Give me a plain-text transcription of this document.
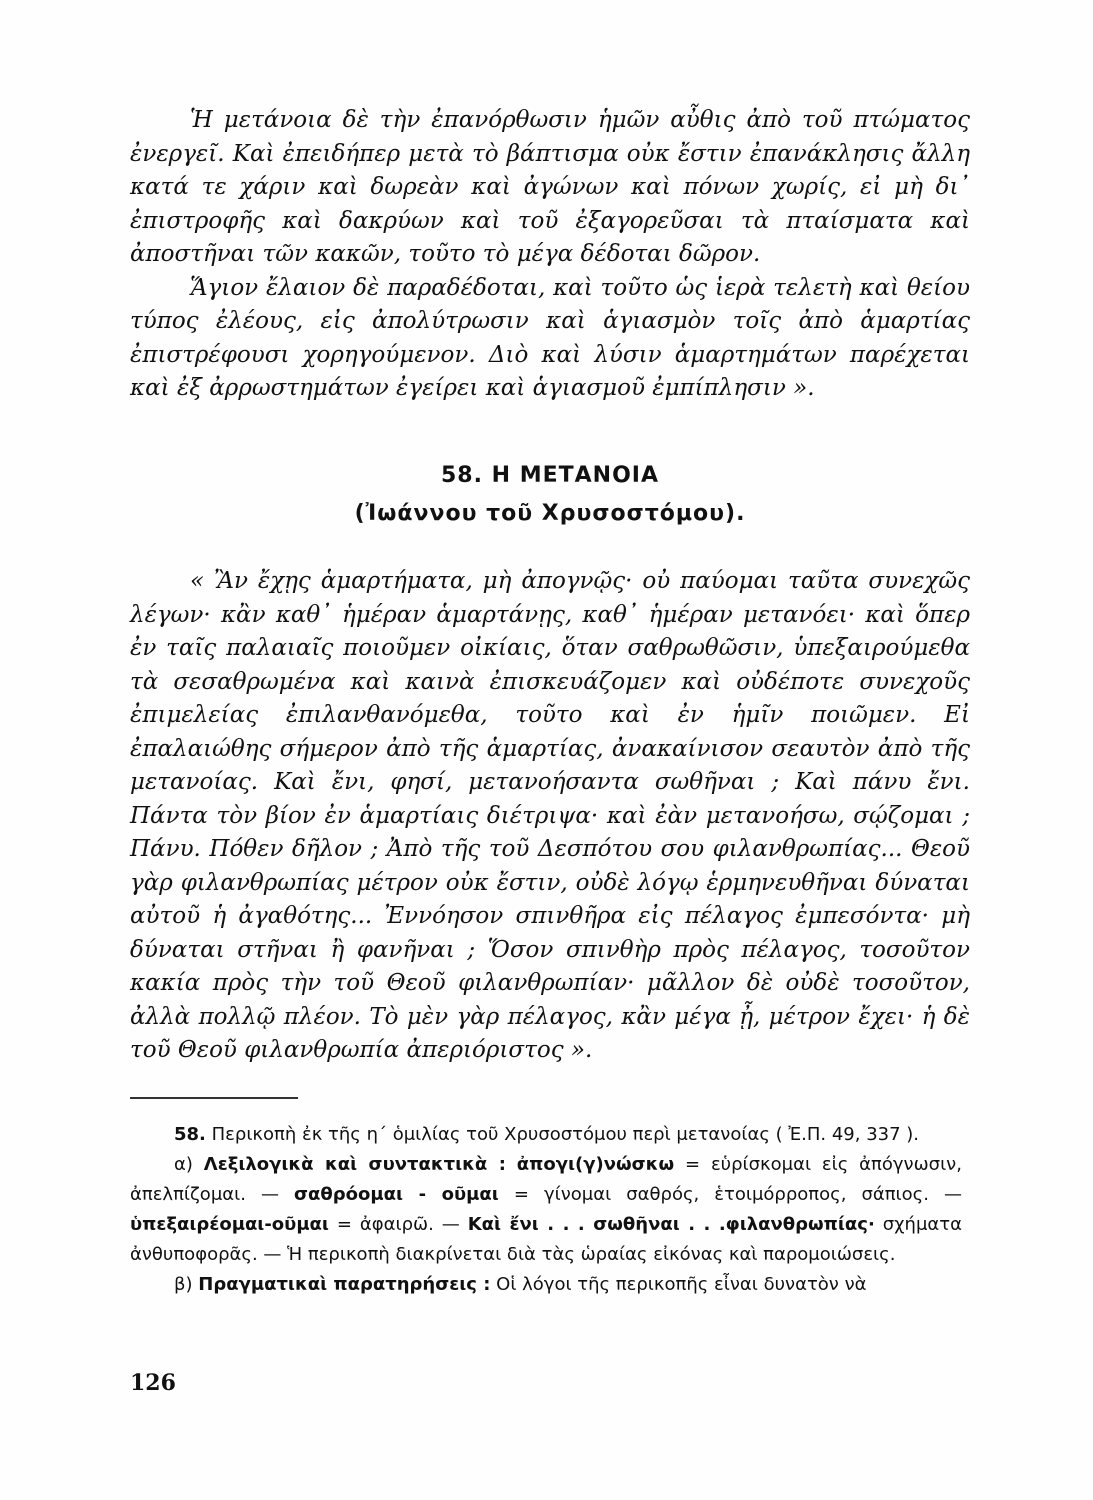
Ἡ μετάνοια δὲ τὴν ἐπανόρθωσιν ἡμῶν αὖθις ἀπὸ τοῦ πτώματος ἐνεργεῖ. Καὶ ἐπειδήπερ μετὰ τὸ βάπτισμα οὐκ ἔστιν ἐπανάκλησις ἄλλη κατά τε χάριν καὶ δωρεὰν καὶ ἀγώνων καὶ πόνων χωρίς, εἰ μὴ δι᾽ ἐπιστροφῆς καὶ δακρύων καὶ τοῦ ἐξαγορεῦσαι τὰ πταίσματα καὶ ἀποστῆναι τῶν κακῶν, τοῦτο τὸ μέγα δέδοται δῶρον.

Ἅγιον ἔλαιον δὲ παραδέδοται, καὶ τοῦτο ὡς ἱερὰ τελετὴ καὶ θείου τύπος ἐλέους, εἰς ἀπολύτρωσιν καὶ ἁγιασμὸν τοῖς ἀπὸ ἁμαρτίας ἐπιστρέφουσι χορηγούμενον. Διὸ καὶ λύσιν ἁμαρτημάτων παρέχεται καὶ ἐξ ἀρρωστημάτων ἐγείρει καὶ ἁγιασμοῦ ἐμπίπλησιν ».

58. Η ΜΕΤΑΝΟΙΑ
(Ἰωάννου τοῦ Χρυσοστόμου).

« Ἂν ἔχῃς ἁμαρτήματα, μὴ ἀπογνῷς· οὐ παύομαι ταῦτα συνεχῶς λέγων· κἂν καθ᾽ ἡμέραν ἁμαρτάνῃς, καθ᾽ ἡμέραν μετανόει· καὶ ὅπερ ἐν ταῖς παλαιαῖς ποιοῦμεν οἰκίαις, ὅταν σαθρωθῶσιν, ὑπεξαιρούμεθα τὰ σεσαθρωμένα καὶ καινὰ ἐπισκευάζομεν καὶ οὐδέποτε συνεχοῦς ἐπιμελείας ἐπιλανθανόμεθα, τοῦτο καὶ ἐν ἡμῖν ποιῶμεν. Εἰ ἐπαλαιώθης σήμερον ἀπὸ τῆς ἁμαρτίας, ἀνακαίνισον σεαυτὸν ἀπὸ τῆς μετανοίας. Καὶ ἔνι, φησί, μετανοήσαντα σωθῆναι ; Καὶ πάνυ ἔνι. Πάντα τὸν βίον ἐν ἁμαρτίαις διέτριψα· καὶ ἐὰν μετανοήσω, σῴζομαι ; Πάνυ. Πόθεν δῆλον ; Ἀπὸ τῆς τοῦ Δεσπότου σου φιλανθρωπίας... Θεοῦ γὰρ φιλανθρωπίας μέτρον οὐκ ἔστιν, οὐδὲ λόγῳ ἑρμηνευθῆναι δύναται αὐτοῦ ἡ ἀγαθότης... Ἐννόησον σπινθῆρα εἰς πέλαγος ἐμπεσόντα· μὴ δύναται στῆναι ἢ φανῆναι ; Ὅσον σπινθὴρ πρὸς πέλαγος, τοσοῦτον κακία πρὸς τὴν τοῦ Θεοῦ φιλανθρωπίαν· μᾶλλον δὲ οὐδὲ τοσοῦτον, ἀλλὰ πολλῷ πλέον. Τὸ μὲν γὰρ πέλαγος, κἂν μέγα ᾖ, μέτρον ἔχει· ἡ δὲ τοῦ Θεοῦ φιλανθρωπία ἀπεριόριστος ».

58. Περικοπὴ ἐκ τῆς η΄ ὁμιλίας τοῦ Χρυσοστόμου περὶ μετανοίας ( Ἐ.Π. 49, 337 ).

α) Λεξιλογικὰ καὶ συντακτικὰ : ἀπογι(γ)νώσκω = εὑρίσκομαι εἰς ἀπόγνωσιν, ἀπελπίζομαι. — σαθρόομαι - οῦμαι = γίνομαι σαθρός, ἑτοιμόρροπος, σάπιος. — ὑπεξαιρέομαι-οῦμαι = ἀφαιρῶ. — Καὶ ἔνι . . . σωθῆναι . . .φιλανθρωπίας· σχήματα ἀνθυποφορᾶς. — Ἡ περικοπὴ διακρίνεται διὰ τὰς ὡραίας εἰκόνας καὶ παρομοιώσεις.

β) Πραγματικαὶ παρατηρήσεις : Οἱ λόγοι τῆς περικοπῆς εἶναι δυνατὸν νὰ

126
